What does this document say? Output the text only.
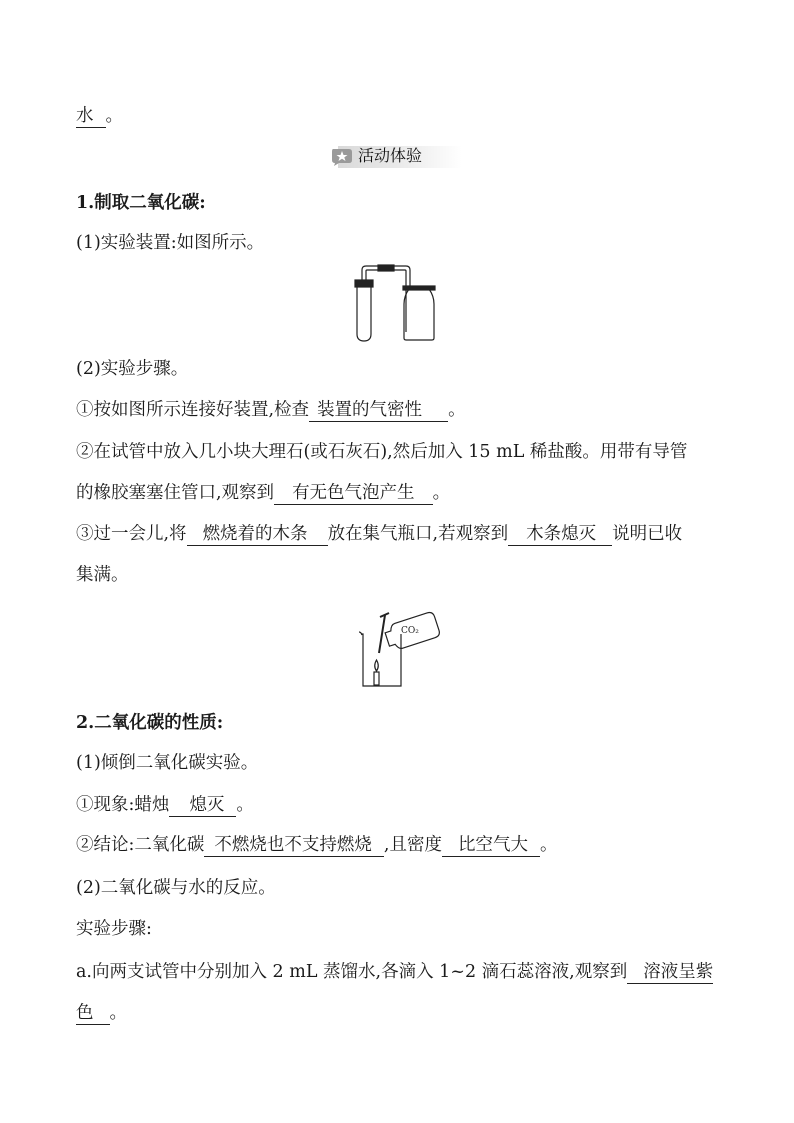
水 。
活动体验
1.制取二氧化碳:
(1)实验装置:如图所示。
(2)实验步骤。
①按如图所示连接好装置,检查 装置的气密性 。
②在试管中放入几小块大理石(或石灰石),然后加入 15 mL 稀盐酸。用带有导管
的橡胶塞塞住管口,观察到 有无色气泡产生 。
③过一会儿,将 燃烧着的木条 放在集气瓶口,若观察到 木条熄灭 说明已收
集满。
CO₂
2.二氧化碳的性质:
(1)倾倒二氧化碳实验。
①现象:蜡烛 熄灭 。
②结论:二氧化碳 不燃烧也不支持燃烧 ,且密度 比空气大 。
(2)二氧化碳与水的反应。
实验步骤:
a.向两支试管中分别加入 2 mL 蒸馏水,各滴入 1~2 滴石蕊溶液,观察到 溶液呈紫
色 。
